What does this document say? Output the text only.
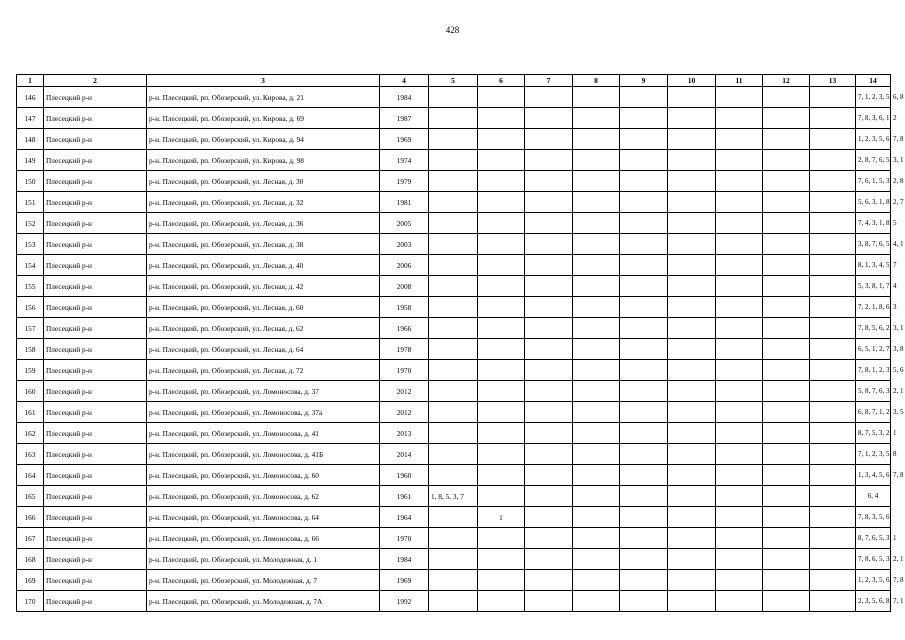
428
1	2	3	4	5	6	7	8	9	10	11	12	13	14
146	Плесецкий р-н	р-н. Плесецкий, рп. Обозерский, ул. Кирова, д. 21	1984										7, 1, 2, 3, 5, 6, 8
147	Плесецкий р-н	р-н. Плесецкий, рп. Обозерский, ул. Кирова, д. 69	1987										7, 8, 3, 6, 1, 2
148	Плесецкий р-н	р-н. Плесецкий, рп. Обозерский, ул. Кирова, д. 94	1969										1, 2, 3, 5, 6, 7, 8
149	Плесецкий р-н	р-н. Плесецкий, рп. Обозерский, ул. Кирова, д. 98	1974										2, 8, 7, 6, 5, 3, 1
150	Плесецкий р-н	р-н. Плесецкий, рп. Обозерский, ул. Лесная, д. 30	1979										7, 6, 1, 5, 3, 2, 8
151	Плесецкий р-н	р-н. Плесецкий, рп. Обозерский, ул. Лесная, д. 32	1981										5, 6, 3, 1, 8, 2, 7
152	Плесецкий р-н	р-н. Плесецкий, рп. Обозерский, ул. Лесная, д. 36	2005										7, 4, 3, 1, 8, 5
153	Плесецкий р-н	р-н. Плесецкий, рп. Обозерский, ул. Лесная, д. 38	2003										3, 8, 7, 6, 5, 4, 1
154	Плесецкий р-н	р-н. Плесецкий, рп. Обозерский, ул. Лесная, д. 40	2006										8, 1, 3, 4, 5, 7
155	Плесецкий р-н	р-н. Плесецкий, рп. Обозерский, ул. Лесная, д. 42	2008										5, 3, 8, 1, 7, 4
156	Плесецкий р-н	р-н. Плесецкий, рп. Обозерский, ул. Лесная, д. 60	1958										7, 2, 1, 8, 6, 3
157	Плесецкий р-н	р-н. Плесецкий, рп. Обозерский, ул. Лесная, д. 62	1966										7, 8, 5, 6, 2, 3, 1
158	Плесецкий р-н	р-н. Плесецкий, рп. Обозерский, ул. Лесная, д. 64	1978										6, 5, 1, 2, 7, 3, 8
159	Плесецкий р-н	р-н. Плесецкий, рп. Обозерский, ул. Лесная, д. 72	1970										7, 8, 1, 2, 3, 5, 6
160	Плесецкий р-н	р-н. Плесецкий, рп. Обозерский, ул. Ломоносова, д. 37	2012										5, 8, 7, 6, 3, 2, 1
161	Плесецкий р-н	р-н. Плесецкий, рп. Обозерский, ул. Ломоносова, д. 37а	2012										6, 8, 7, 1, 2, 3, 5
162	Плесецкий р-н	р-н. Плесецкий, рп. Обозерский, ул. Ломоносова, д. 41	2013										8, 7, 5, 3, 2, 1
163	Плесецкий р-н	р-н. Плесецкий, рп. Обозерский, ул. Ломоносова, д. 41Б	2014										7, 1, 2, 3, 5, 8
164	Плесецкий р-н	р-н. Плесецкий, рп. Обозерский, ул. Ломоносова, д. 60	1960										1, 3, 4, 5, 6, 7, 8
165	Плесецкий р-н	р-н. Плесецкий, рп. Обозерский, ул. Ломоносова, д. 62	1961	1, 8, 5, 3, 7									6, 4
166	Плесецкий р-н	р-н. Плесецкий, рп. Обозерский, ул. Ломоносова, д. 64	1964		1								7, 8, 3, 5, 6
167	Плесецкий р-н	р-н. Плесецкий, рп. Обозерский, ул. Ломоносова, д. 66	1970										8, 7, 6, 5, 3, 1
168	Плесецкий р-н	р-н. Плесецкий, рп. Обозерский, ул. Молодежная, д. 1	1984										7, 8, 6, 5, 3, 2, 1
169	Плесецкий р-н	р-н. Плесецкий, рп. Обозерский, ул. Молодежная, д. 7	1969										1, 2, 3, 5, 6, 7, 8
170	Плесецкий р-н	р-н. Плесецкий, рп. Обозерский, ул. Молодежная, д. 7А	1992										2, 3, 5, 6, 8, 7, 1
